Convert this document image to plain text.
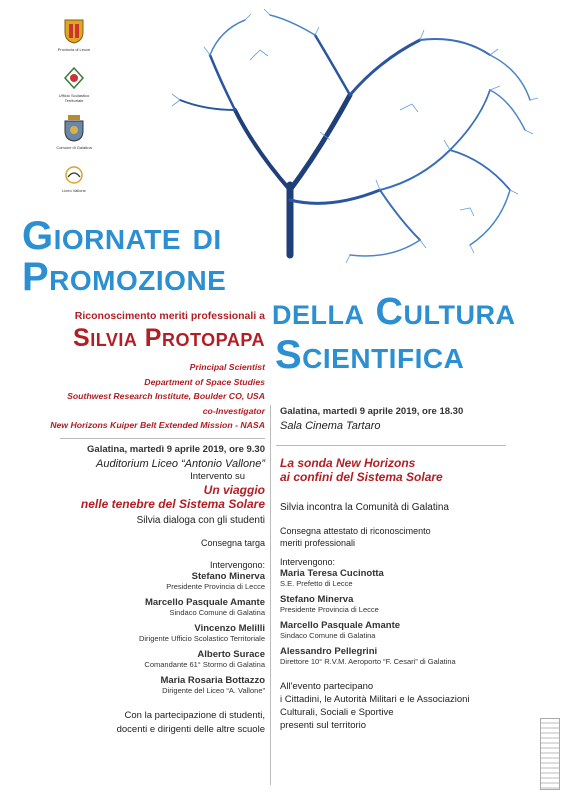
Provincia di Lecce
Ufficio Scolastico Territoriale
Comune di Galatina
Liceo Vallone
Giornate di
Promozione
della Cultura
Scientifica
Riconoscimento meriti professionali a
Silvia Protopapa
Principal Scientist
Department of Space Studies
Southwest Research Institute, Boulder CO, USA
co-Investigator
New Horizons Kuiper Belt Extended Mission - NASA
Galatina, martedì 9 aprile 2019, ore 9.30
Auditorium Liceo “Antonio Vallone”
Intervento su
Un viaggio
nelle tenebre del Sistema Solare
Silvia dialoga con gli studenti
Consegna targa
Intervengono:
Stefano Minerva
Presidente Provincia di Lecce
Marcello Pasquale Amante
Sindaco Comune di Galatina
Vincenzo Melilli
Dirigente Ufficio Scolastico Territoriale
Alberto Surace
Comandante 61° Stormo di Galatina
Maria Rosaria Bottazzo
Dirigente del Liceo “A. Vallone”
Con la partecipazione di studenti,
docenti e dirigenti delle altre scuole
Galatina, martedì 9 aprile 2019, ore 18.30
Sala Cinema Tartaro
La sonda New Horizons
ai confini del Sistema Solare
Silvia incontra la Comunità di Galatina
Consegna attestato di riconoscimento
meriti professionali
Intervengono:
Maria Teresa Cucinotta
S.E. Prefetto di Lecce
Stefano Minerva
Presidente Provincia di Lecce
Marcello Pasquale Amante
Sindaco Comune di Galatina
Alessandro Pellegrini
Direttore 10° R.V.M. Aeroporto “F. Cesari” di Galatina
All'evento partecipano
i Cittadini, le Autorità Militari e le Associazioni
Culturali, Sociali e Sportive
presenti sul territorio
